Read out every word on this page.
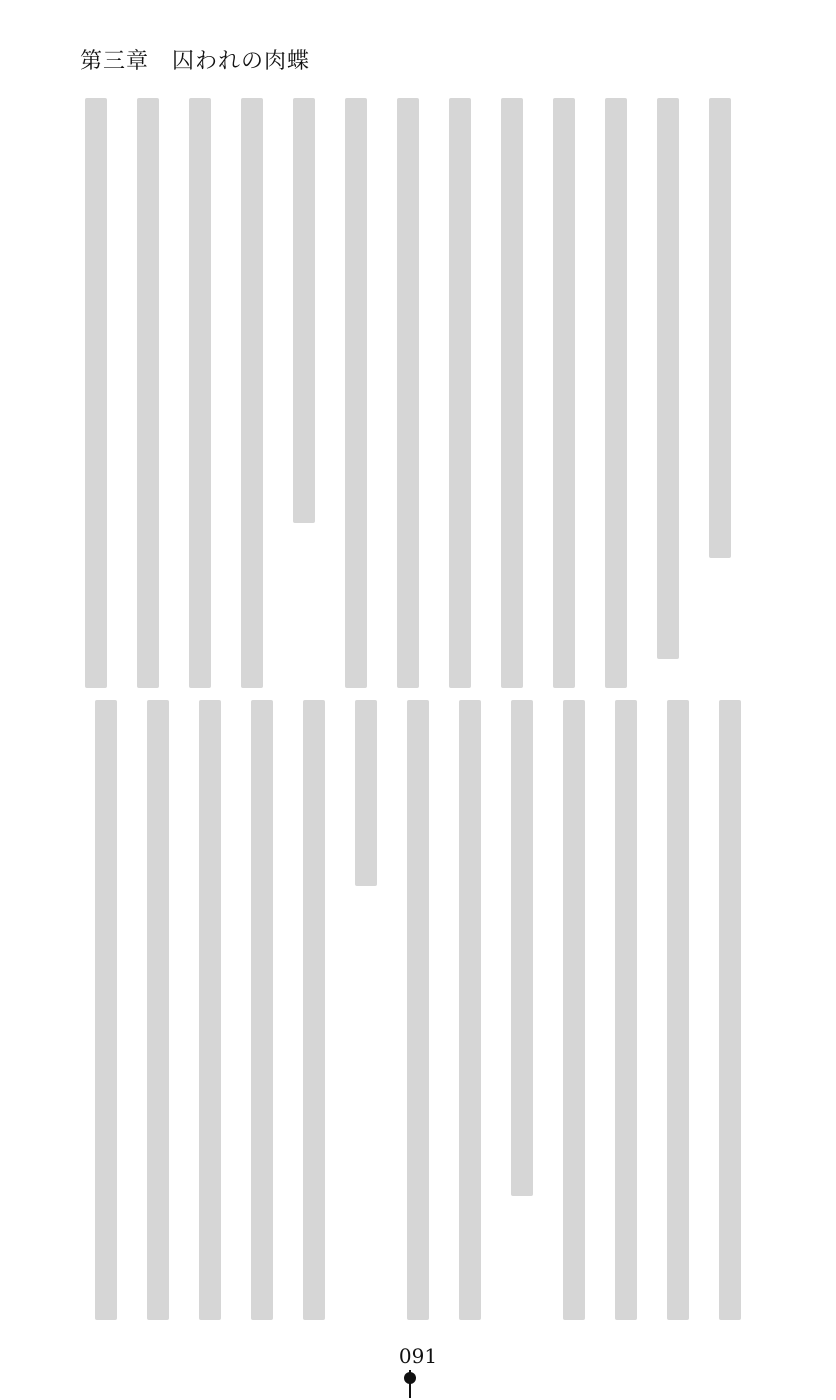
第三章　囚われの肉蝶
091
